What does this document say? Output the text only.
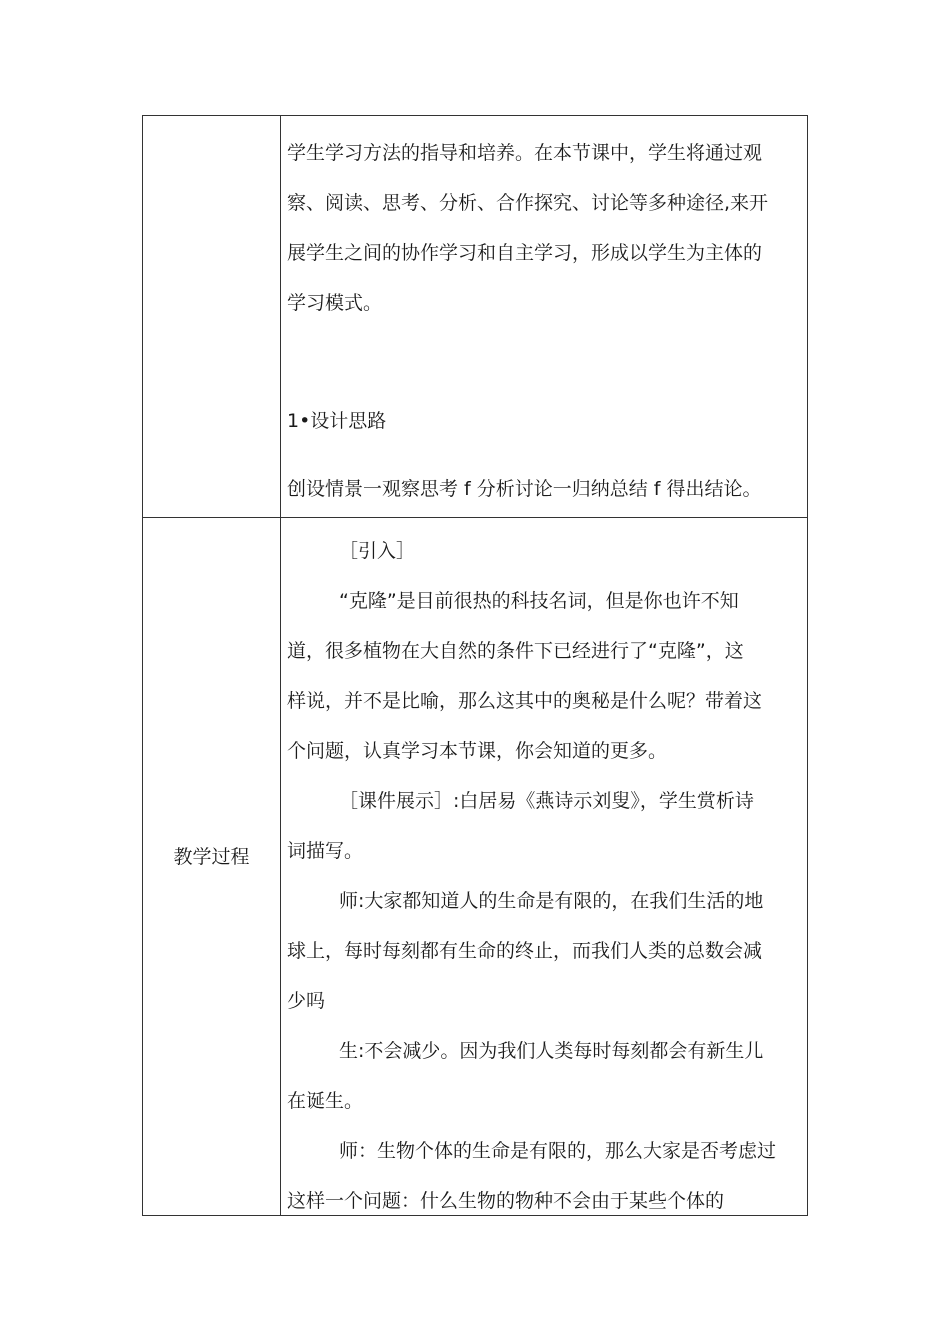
学生学习方法的指导和培养。在本节课中，学生将通过观

察、阅读、思考、分析、合作探究、讨论等多种途径,来开

展学生之间的协作学习和自主学习，形成以学生为主体的

学习模式。

1•设计思路

创设情景一观察思考 f 分析讨论一归纳总结 f 得出结论。

教学过程

［引入］

“克隆”是目前很热的科技名词，但是你也许不知

道，很多植物在大自然的条件下已经进行了“克隆”，这

样说，并不是比喻，那么这其中的奥秘是什么呢？带着这

个问题，认真学习本节课，你会知道的更多。

［课件展示］:白居易《燕诗示刘叟》，学生赏析诗

词描写。

师:大家都知道人的生命是有限的，在我们生活的地

球上，每时每刻都有生命的终止，而我们人类的总数会减

少吗

生:不会减少。因为我们人类每时每刻都会有新生儿

在诞生。

师：生物个体的生命是有限的，那么大家是否考虑过

这样一个问题：什么生物的物种不会由于某些个体的
